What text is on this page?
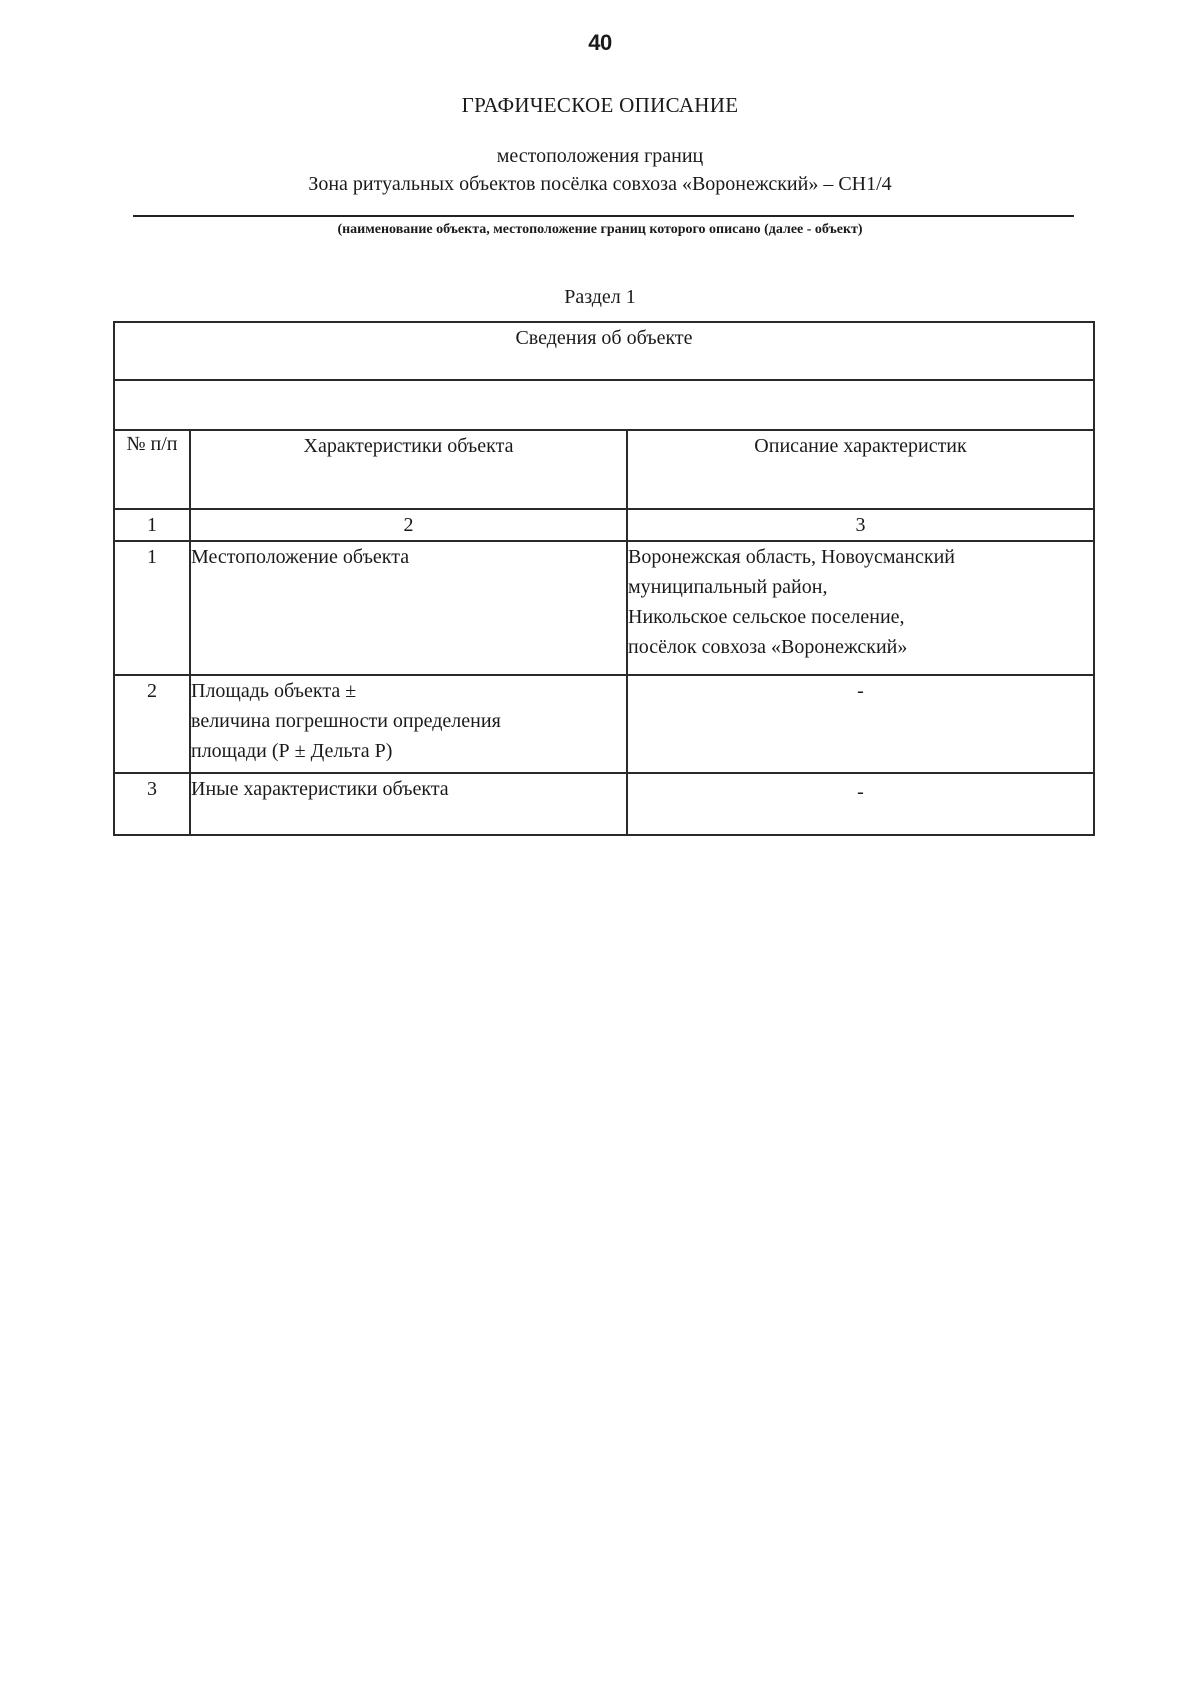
40
ГРАФИЧЕСКОЕ ОПИСАНИЕ
местоположения границ
Зона ритуальных объектов посёлка совхоза «Воронежский» – СН1/4
(наименование объекта, местоположение границ которого описано (далее - объект)
Раздел 1
Сведения об объекте		

№ п/п	Характеристики объекта	Описание характеристик
1	2	3
1	Местоположение объекта	Воронежская область, Новоусманский
муниципальный район,
Никольское сельское поселение,
посёлок совхоза «Воронежский»

2	Площадь объекта ±
величина погрешности определения
площади (Р ± Дельта Р)	-
3	Иные характеристики объекта	-
